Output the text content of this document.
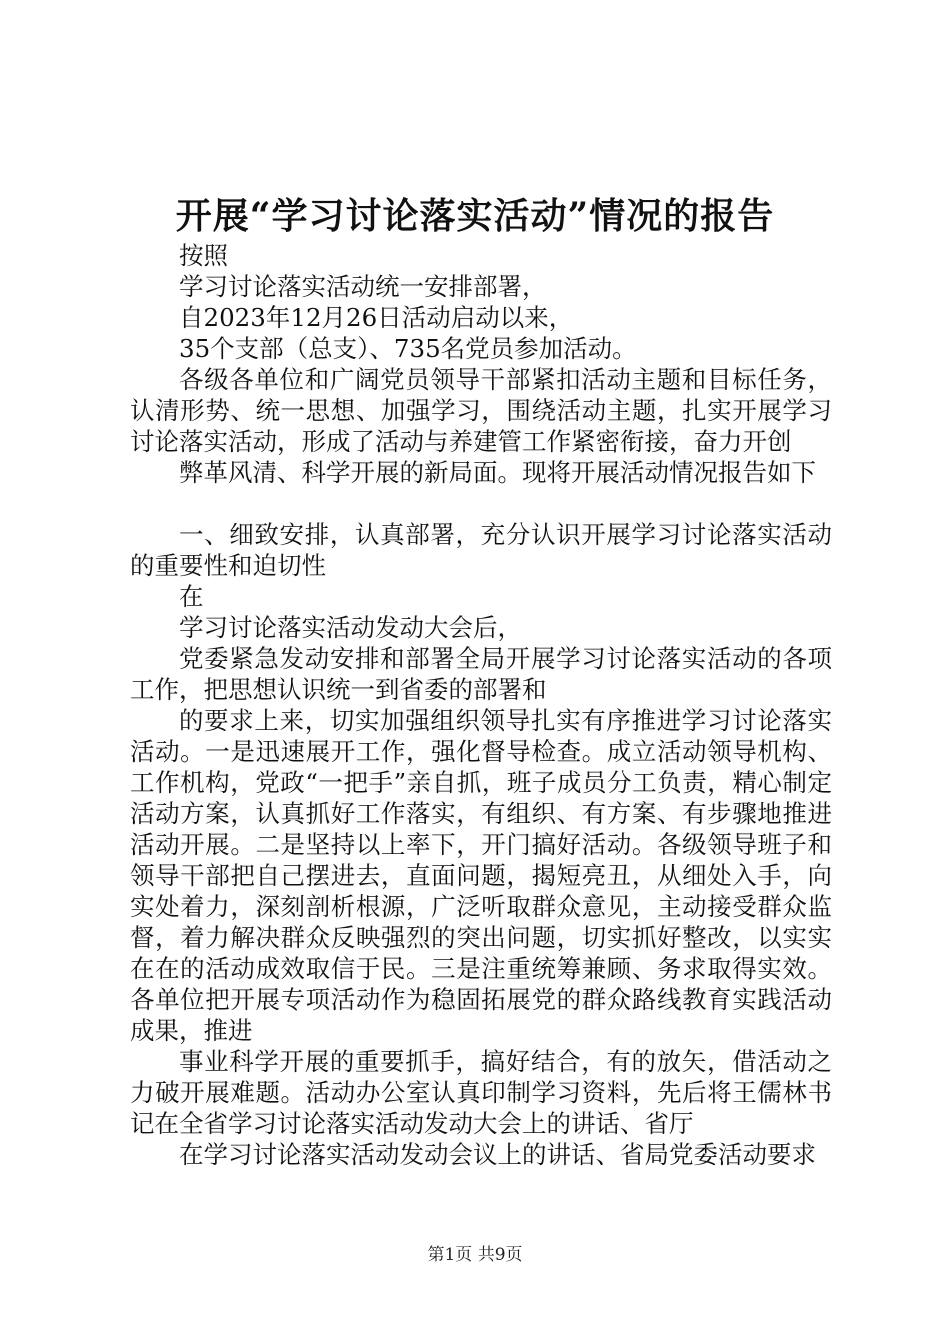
开展“学习讨论落实活动”情况的报告

按照

学习讨论落实活动统一安排部署，

自2023年12月26日活动启动以来，

35个支部（总支）、735名党员参加活动。

各级各单位和广阔党员领导干部紧扣活动主题和目标任务，认清形势、统一思想、加强学习，围绕活动主题，扎实开展学习讨论落实活动，形成了活动与养建管工作紧密衔接，奋力开创

弊革风清、科学开展的新局面。现将开展活动情况报告如下

一、细致安排，认真部署，充分认识开展学习讨论落实活动的重要性和迫切性

在

学习讨论落实活动发动大会后，

党委紧急发动安排和部署全局开展学习讨论落实活动的各项工作，把思想认识统一到省委的部署和

的要求上来，切实加强组织领导扎实有序推进学习讨论落实活动。一是迅速展开工作，强化督导检查。成立活动领导机构、工作机构，党政“一把手”亲自抓，班子成员分工负责，精心制定活动方案，认真抓好工作落实，有组织、有方案、有步骤地推进活动开展。二是坚持以上率下，开门搞好活动。各级领导班子和领导干部把自己摆进去，直面问题，揭短亮丑，从细处入手，向实处着力，深刻剖析根源，广泛听取群众意见，主动接受群众监督，着力解决群众反映强烈的突出问题，切实抓好整改，以实实在在的活动成效取信于民。三是注重统筹兼顾、务求取得实效。各单位把开展专项活动作为稳固拓展党的群众路线教育实践活动成果，推进

事业科学开展的重要抓手，搞好结合，有的放矢，借活动之力破开展难题。活动办公室认真印制学习资料，先后将王儒林书记在全省学习讨论落实活动发动大会上的讲话、省厅

在学习讨论落实活动发动会议上的讲话、省局党委活动要求

第1页 共9页
